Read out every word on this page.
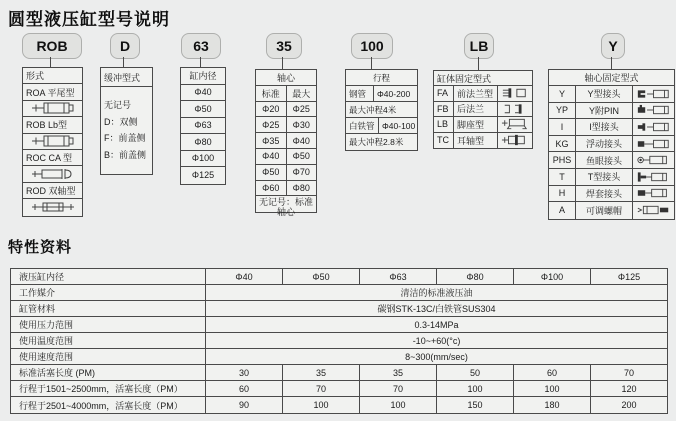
圆型液压缸型号说明
ROB	D	63	35	100	LB	Y
形式
ROA 平尾型
ROB Lb型
ROC CA 型
ROD 双轴型
缓冲型式
无记号
D：双侧
F：前盖侧
B：前盖侧
缸内径
Φ40
Φ50
Φ63
Φ80
Φ100
Φ125
轴心
标准	最大
Φ20	Φ25
Φ25	Φ30
Φ35	Φ40
Φ40	Φ50
Φ50	Φ70
Φ60	Φ80
无记号：标准轴心
行程
钢管	Φ40-200
最大冲程4米
白铁管 Φ40-100
最大冲程2.8米
缸体固定型式
FA 前法兰型
FB 后法兰
LB 脚座型
TC 耳轴型
轴心固定型式
Y	Y型接头
YP	Y附PIN
I	I型接头
KG	浮动接头
PHS	鱼眼接头
T	T型接头
H	焊套接头
A	可调螺帽
特性资料
液压缸内径	Φ40	Φ50	Φ63	Φ80	Φ100	Φ125
工作媒介	清洁的标准液压油
缸管材料	碳钢STK-13C/白铁管SUS304
使用压力范围	0.3-14MPa
使用温度范围	-10~+60(°c)
使用速度范围	8~300(mm/sec)
标准活塞长度 (PM)	30	35	35	50	60	70
行程于1501~2500mm，活塞长度（PM）	60	70	70	100	100	120
行程于2501~4000mm，活塞长度（PM）	90	100	100	150	180	200
